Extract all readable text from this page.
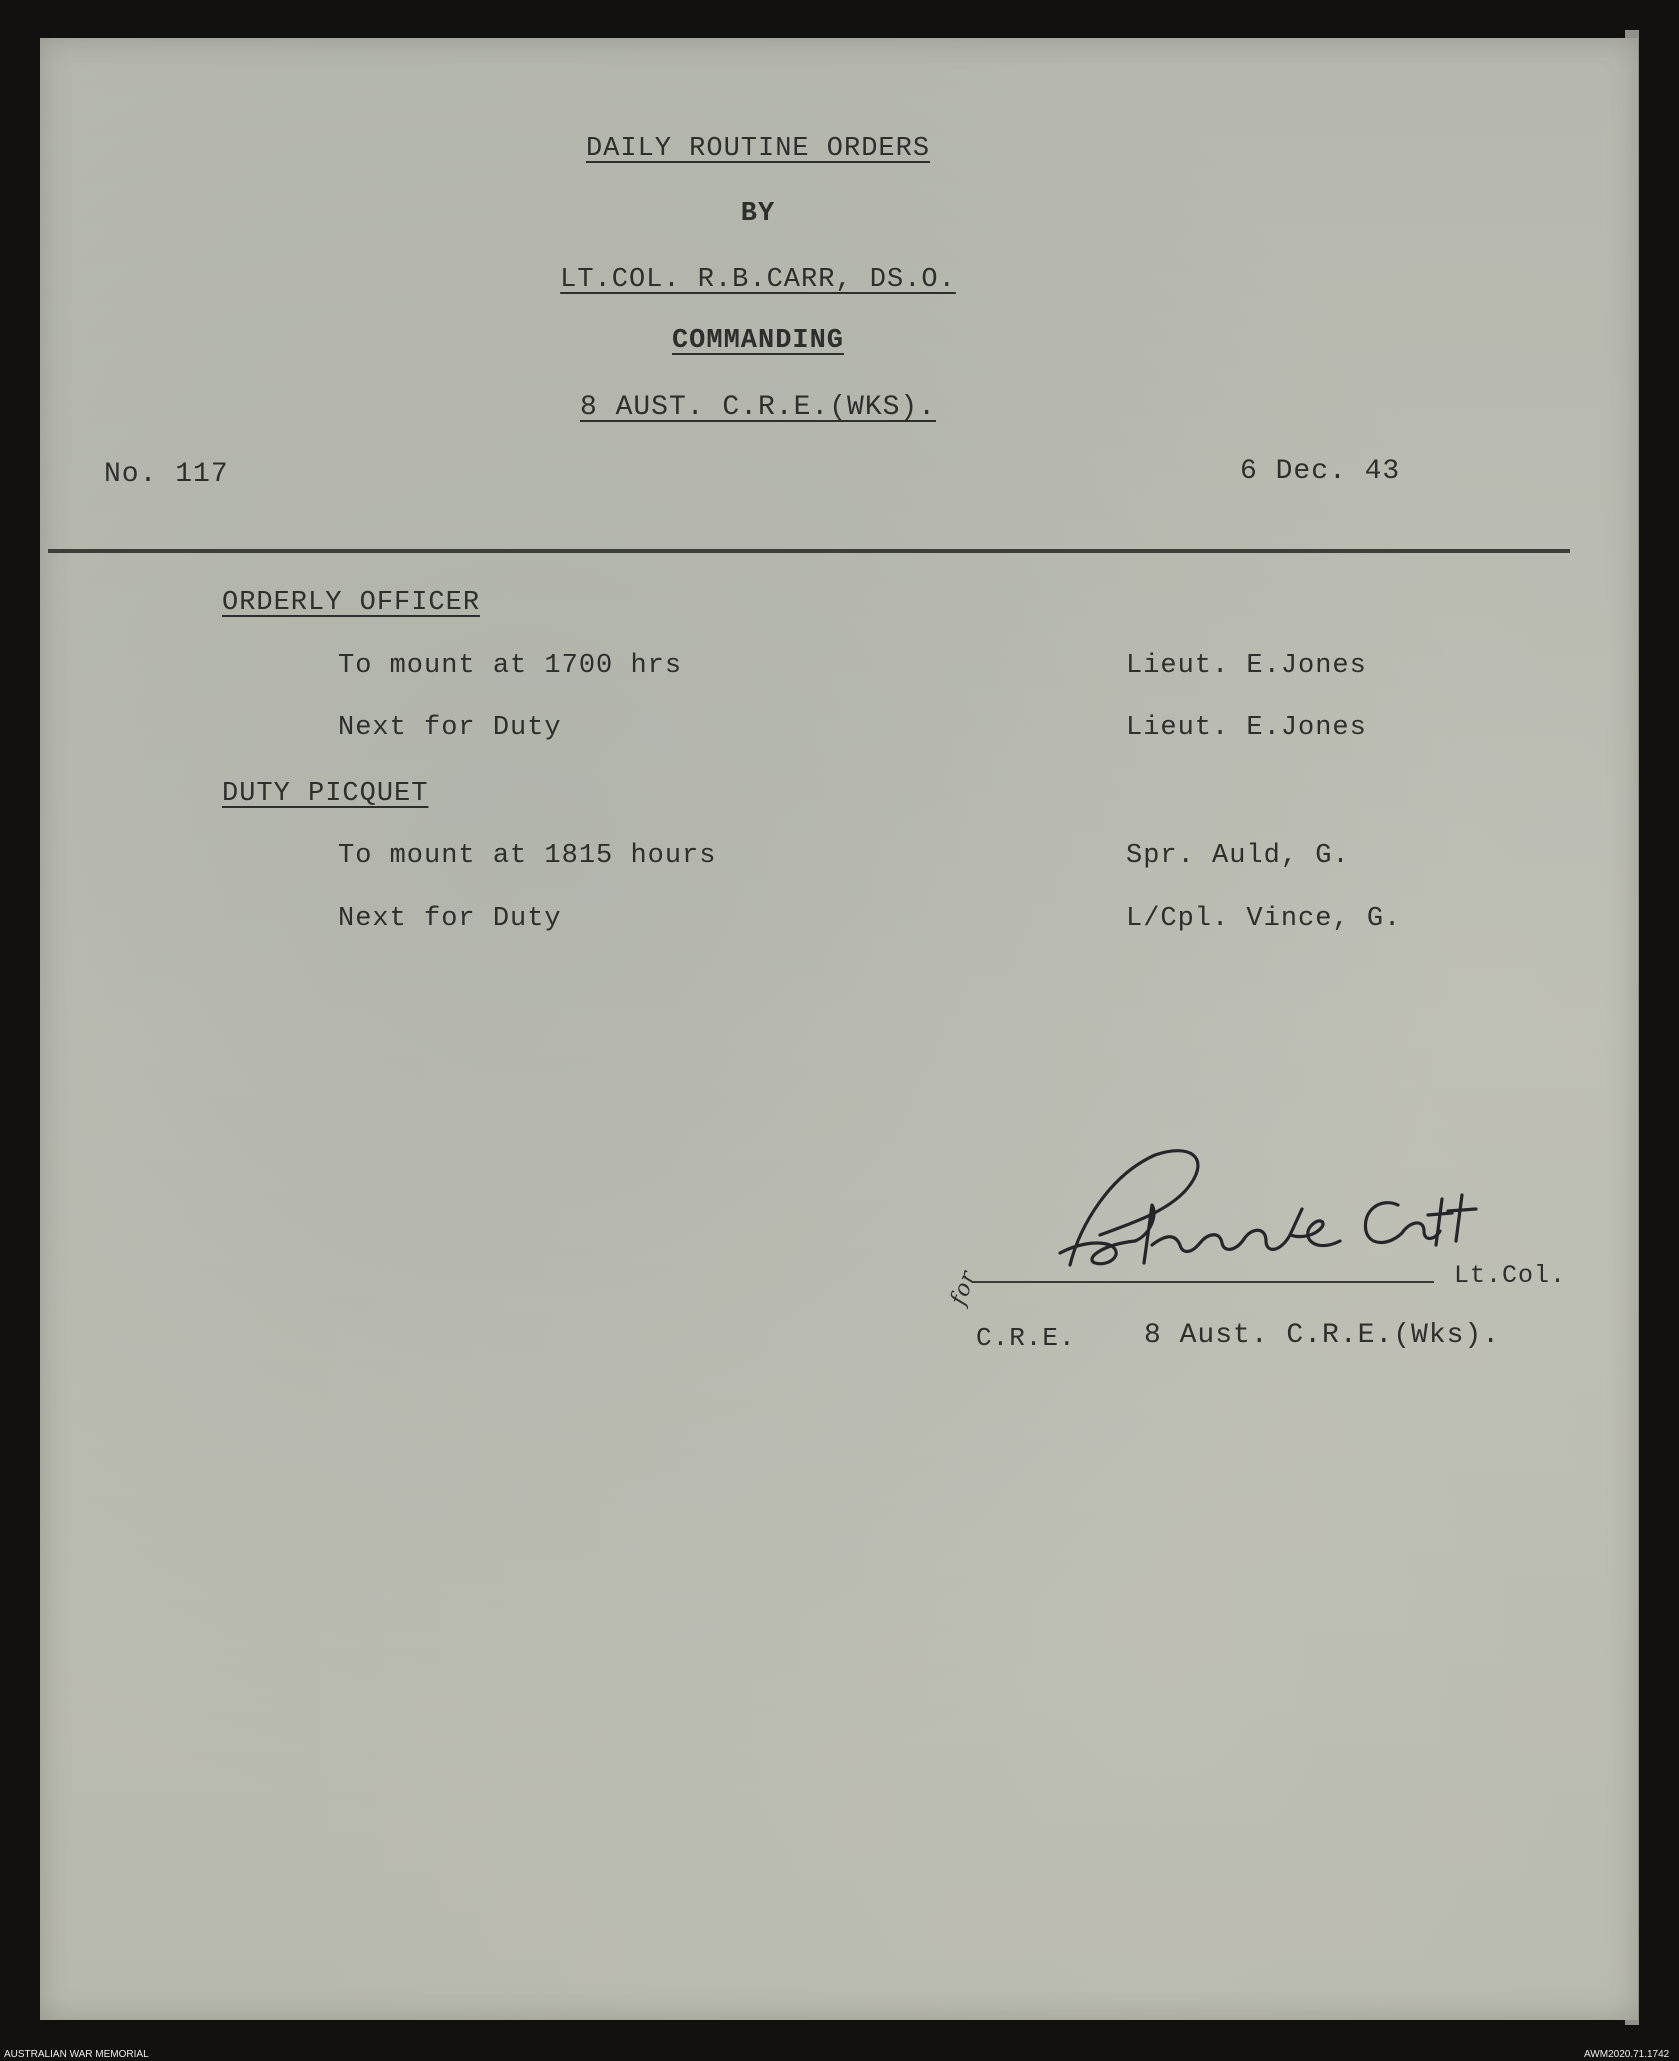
DAILY ROUTINE ORDERS
BY
LT.COL. R.B.CARR, DS.O.
COMMANDING
8 AUST. C.R.E.(WKS).
No. 117	6 Dec. 43
ORDERLY OFFICER
To mount at 1700 hrs	Lieut. E.Jones
Next for Duty	Lieut. E.Jones
DUTY PICQUET
To mount at 1815 hours	Spr. Auld, G.
Next for Duty	L/Cpl. Vince, G.
Lt.Col.
for
C.R.E. 8 Aust. C.R.E.(Wks).
AUSTRALIAN WAR MEMORIAL	AWM2020.71.1742
